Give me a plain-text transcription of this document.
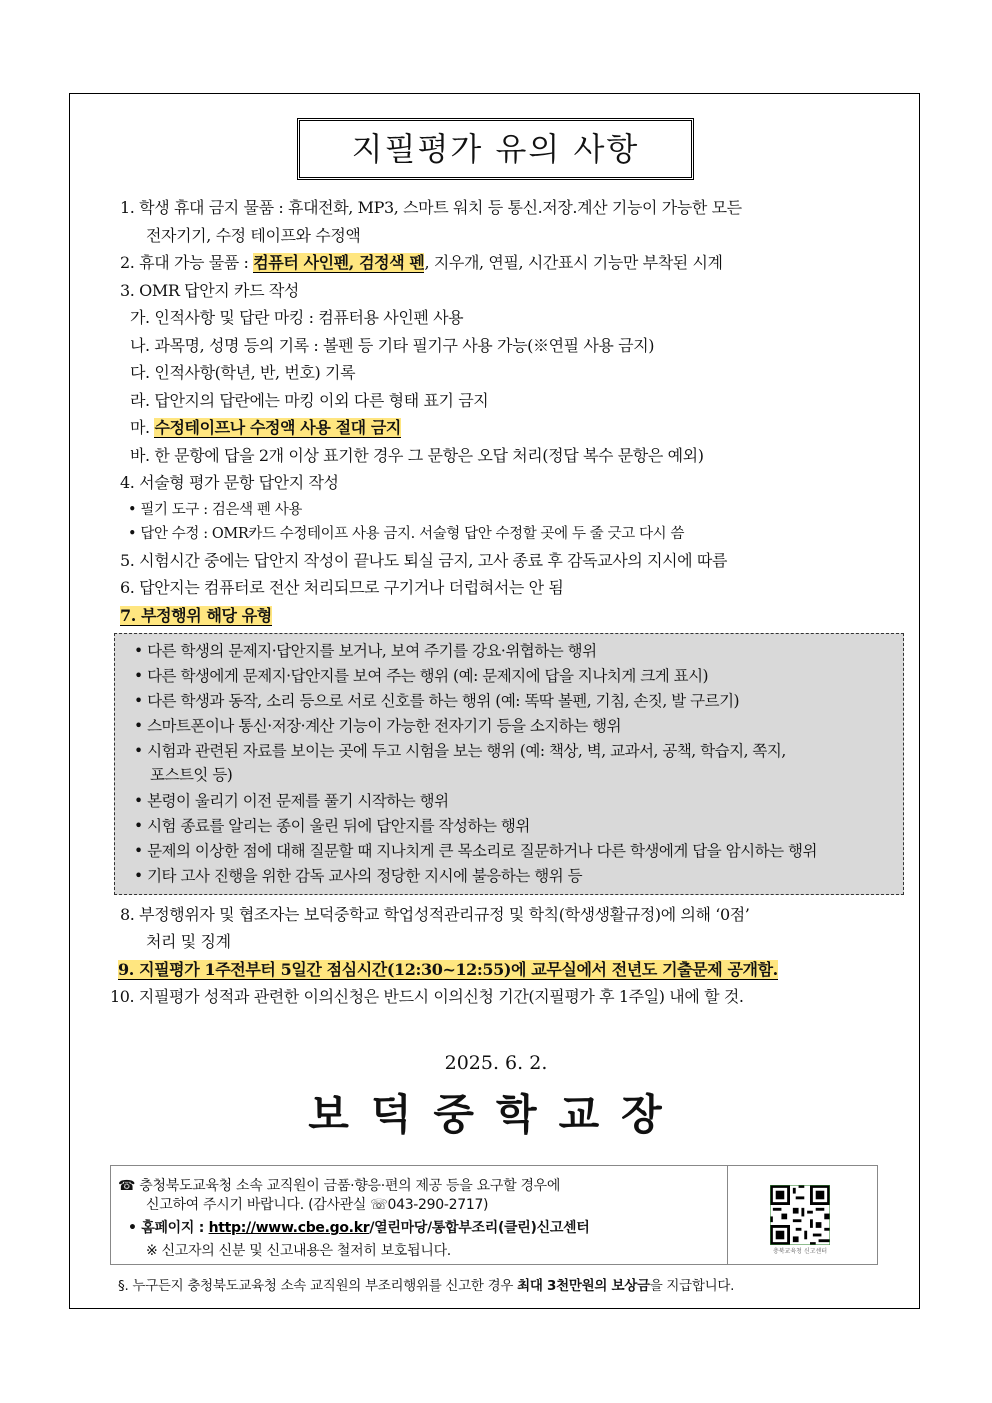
지필평가 유의 사항
1. 학생 휴대 금지 물품 : 휴대전화, MP3, 스마트 워치 등 통신.저장.계산 기능이 가능한 모든
전자기기, 수정 테이프와 수정액
2. 휴대 가능 물품 : 컴퓨터 사인펜, 검정색 펜, 지우개, 연필, 시간표시 기능만 부착된 시계
3. OMR 답안지 카드 작성
가. 인적사항 및 답란 마킹 : 컴퓨터용 사인펜 사용
나. 과목명, 성명 등의 기록 : 볼펜 등 기타 필기구 사용 가능(※연필 사용 금지)
다. 인적사항(학년, 반, 번호) 기록
라. 답안지의 답란에는 마킹 이외 다른 형태 표기 금지
마. 수정테이프나 수정액 사용 절대 금지
바. 한 문항에 답을 2개 이상 표기한 경우 그 문항은 오답 처리(정답 복수 문항은 예외)
4. 서술형 평가 문항 답안지 작성
• 필기 도구 : 검은색 펜 사용
• 답안 수정 : OMR카드 수정테이프 사용 금지. 서술형 답안 수정할 곳에 두 줄 긋고 다시 씀
5. 시험시간 중에는 답안지 작성이 끝나도 퇴실 금지, 고사 종료 후 감독교사의 지시에 따름
6. 답안지는 컴퓨터로 전산 처리되므로 구기거나 더럽혀서는 안 됨
7. 부정행위 해당 유형
• 다른 학생의 문제지·답안지를 보거나, 보여 주기를 강요·위협하는 행위
• 다른 학생에게 문제지·답안지를 보여 주는 행위 (예: 문제지에 답을 지나치게 크게 표시)
• 다른 학생과 동작, 소리 등으로 서로 신호를 하는 행위 (예: 똑딱 볼펜, 기침, 손짓, 발 구르기)
• 스마트폰이나 통신·저장·계산 기능이 가능한 전자기기 등을 소지하는 행위
• 시험과 관련된 자료를 보이는 곳에 두고 시험을 보는 행위 (예: 책상, 벽, 교과서, 공책, 학습지, 쪽지,
포스트잇 등)
• 본령이 울리기 이전 문제를 풀기 시작하는 행위
• 시험 종료를 알리는 종이 울린 뒤에 답안지를 작성하는 행위
• 문제의 이상한 점에 대해 질문할 때 지나치게 큰 목소리로 질문하거나 다른 학생에게 답을 암시하는 행위
• 기타 고사 진행을 위한 감독 교사의 정당한 지시에 불응하는 행위 등
8. 부정행위자 및 협조자는 보덕중학교 학업성적관리규정 및 학칙(학생생활규정)에 의해 ‘0점’
처리 및 징계
9. 지필평가 1주전부터 5일간 점심시간(12:30~12:55)에 교무실에서 전년도 기출문제 공개함.
10. 지필평가 성적과 관련한 이의신청은 반드시 이의신청 기간(지필평가 후 1주일) 내에 할 것.
2025. 6. 2.
보덕중학교장
☎ 충청북도교육청 소속 교직원이 금품·향응·편의 제공 등을 요구할 경우에
신고하여 주시기 바랍니다. (감사관실 ☏043-290-2717)
• 홈페이지 : http://www.cbe.go.kr/열린마당/통합부조리(클린)신고센터
※ 신고자의 신분 및 신고내용은 철저히 보호됩니다.	충북교육청 신고센터
§. 누구든지 충청북도교육청 소속 교직원의 부조리행위를 신고한 경우 최대 3천만원의 보상금을 지급합니다.
